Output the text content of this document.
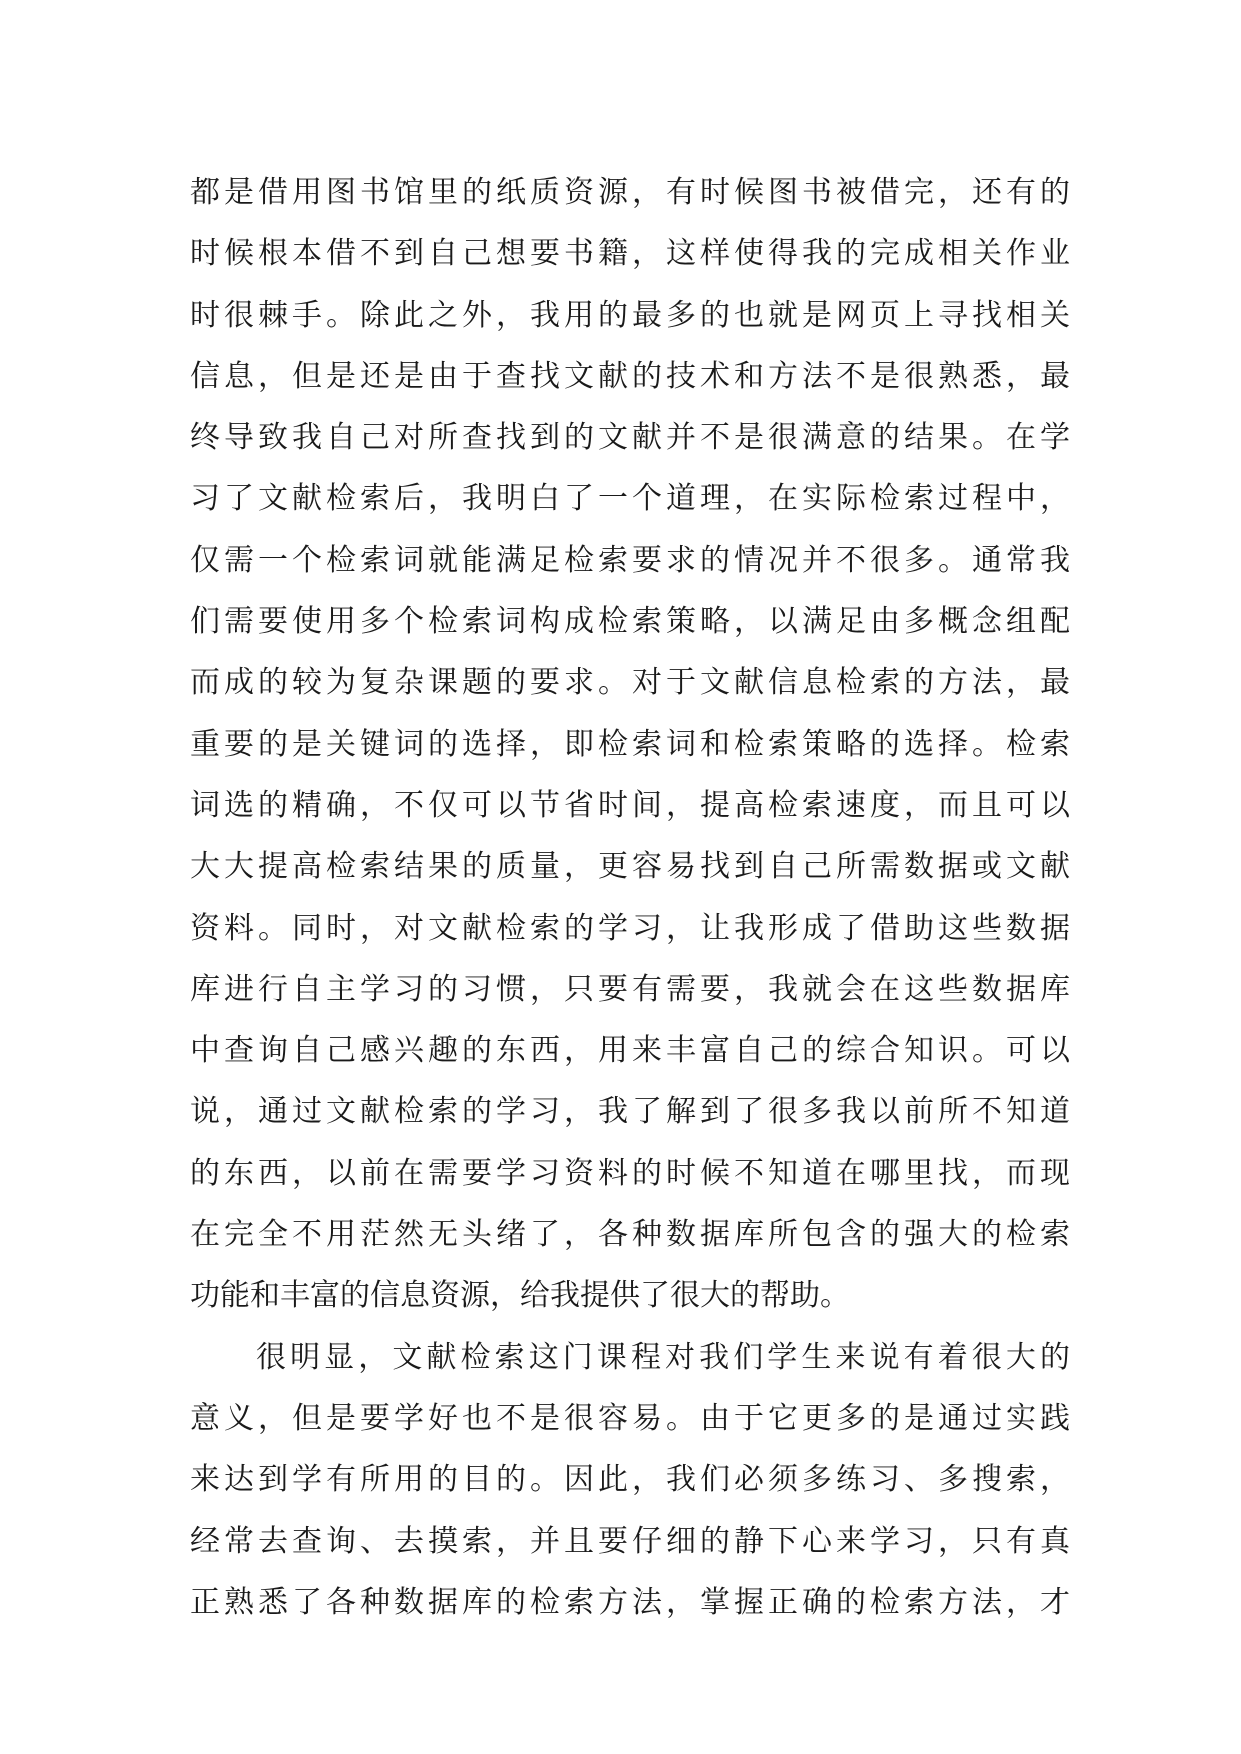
都是借用图书馆里的纸质资源，有时候图书被借完，还有的
时候根本借不到自己想要书籍，这样使得我的完成相关作业
时很棘手。除此之外，我用的最多的也就是网页上寻找相关
信息，但是还是由于查找文献的技术和方法不是很熟悉，最
终导致我自己对所查找到的文献并不是很满意的结果。在学
习了文献检索后，我明白了一个道理，在实际检索过程中，
仅需一个检索词就能满足检索要求的情况并不很多。通常我
们需要使用多个检索词构成检索策略，以满足由多概念组配
而成的较为复杂课题的要求。对于文献信息检索的方法，最
重要的是关键词的选择，即检索词和检索策略的选择。检索
词选的精确，不仅可以节省时间，提高检索速度，而且可以
大大提高检索结果的质量，更容易找到自己所需数据或文献
资料。同时，对文献检索的学习，让我形成了借助这些数据
库进行自主学习的习惯，只要有需要，我就会在这些数据库
中查询自己感兴趣的东西，用来丰富自己的综合知识。可以
说，通过文献检索的学习，我了解到了很多我以前所不知道
的东西，以前在需要学习资料的时候不知道在哪里找，而现
在完全不用茫然无头绪了，各种数据库所包含的强大的检索
功能和丰富的信息资源，给我提供了很大的帮助。
很明显，文献检索这门课程对我们学生来说有着很大的
意义，但是要学好也不是很容易。由于它更多的是通过实践
来达到学有所用的目的。因此，我们必须多练习、多搜索，
经常去查询、去摸索，并且要仔细的静下心来学习，只有真
正熟悉了各种数据库的检索方法，掌握正确的检索方法，才
